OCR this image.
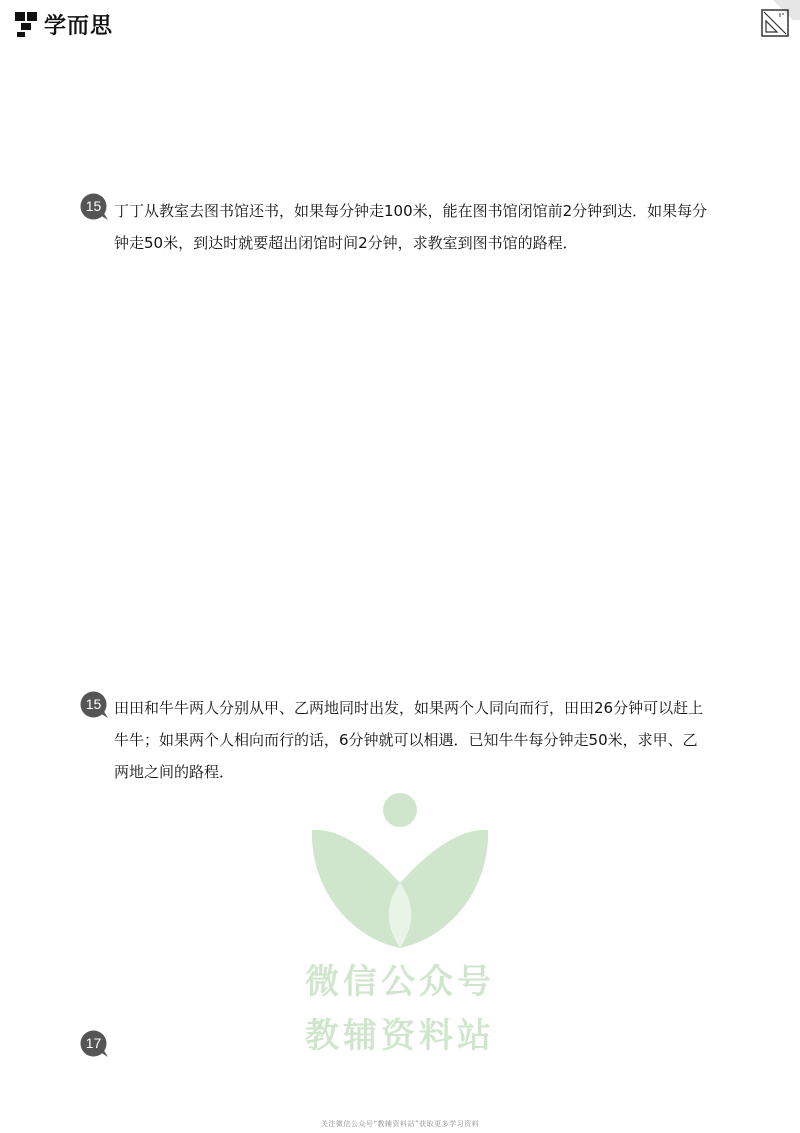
学而思
15 丁丁从教室去图书馆还书，如果每分钟走100米，能在图书馆闭馆前2分钟到达．如果每分钟走50米，到达时就要超出闭馆时间2分钟，求教室到图书馆的路程．

15 田田和牛牛两人分别从甲、乙两地同时出发，如果两个人同向而行，田田26分钟可以赶上牛牛；如果两个人相向而行的话，6分钟就可以相遇．已知牛牛每分钟走50米，求甲、乙两地之间的路程．

17

微信公众号
教辅资料站
关注微信公众号“教辅资料站”获取更多学习资料
